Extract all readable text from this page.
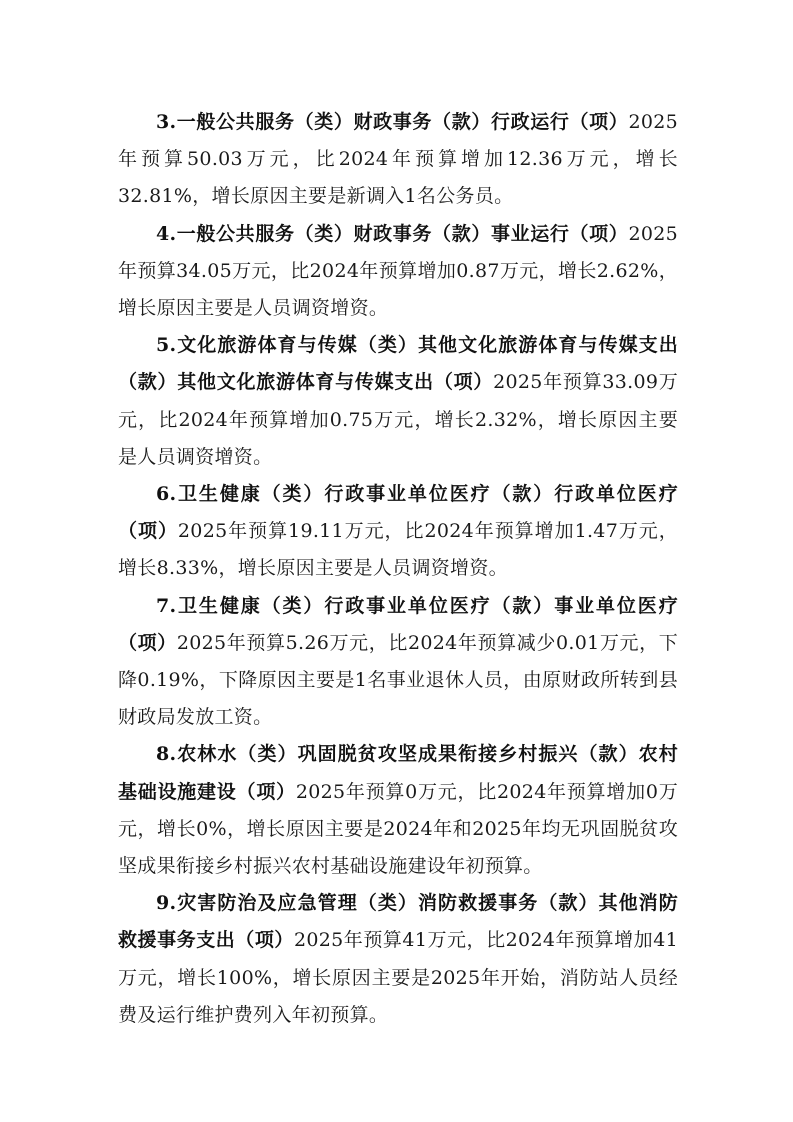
3.一般公共服务（类）财政事务（款）行政运行（项）2025年预算50.03万元，比2024年预算增加12.36万元，增长32.81%，增长原因主要是新调入1名公务员。

4.一般公共服务（类）财政事务（款）事业运行（项）2025年预算34.05万元，比2024年预算增加0.87万元，增长2.62%，增长原因主要是人员调资增资。

5.文化旅游体育与传媒（类）其他文化旅游体育与传媒支出（款）其他文化旅游体育与传媒支出（项）2025年预算33.09万元，比2024年预算增加0.75万元，增长2.32%，增长原因主要是人员调资增资。

6.卫生健康（类）行政事业单位医疗（款）行政单位医疗（项）2025年预算19.11万元，比2024年预算增加1.47万元，增长8.33%，增长原因主要是人员调资增资。

7.卫生健康（类）行政事业单位医疗（款）事业单位医疗（项）2025年预算5.26万元，比2024年预算减少0.01万元，下降0.19%，下降原因主要是1名事业退休人员，由原财政所转到县财政局发放工资。

8.农林水（类）巩固脱贫攻坚成果衔接乡村振兴（款）农村基础设施建设（项）2025年预算0万元，比2024年预算增加0万元，增长0%，增长原因主要是2024年和2025年均无巩固脱贫攻坚成果衔接乡村振兴农村基础设施建设年初预算。

9.灾害防治及应急管理（类）消防救援事务（款）其他消防救援事务支出（项）2025年预算41万元，比2024年预算增加41万元，增长100%，增长原因主要是2025年开始，消防站人员经费及运行维护费列入年初预算。
